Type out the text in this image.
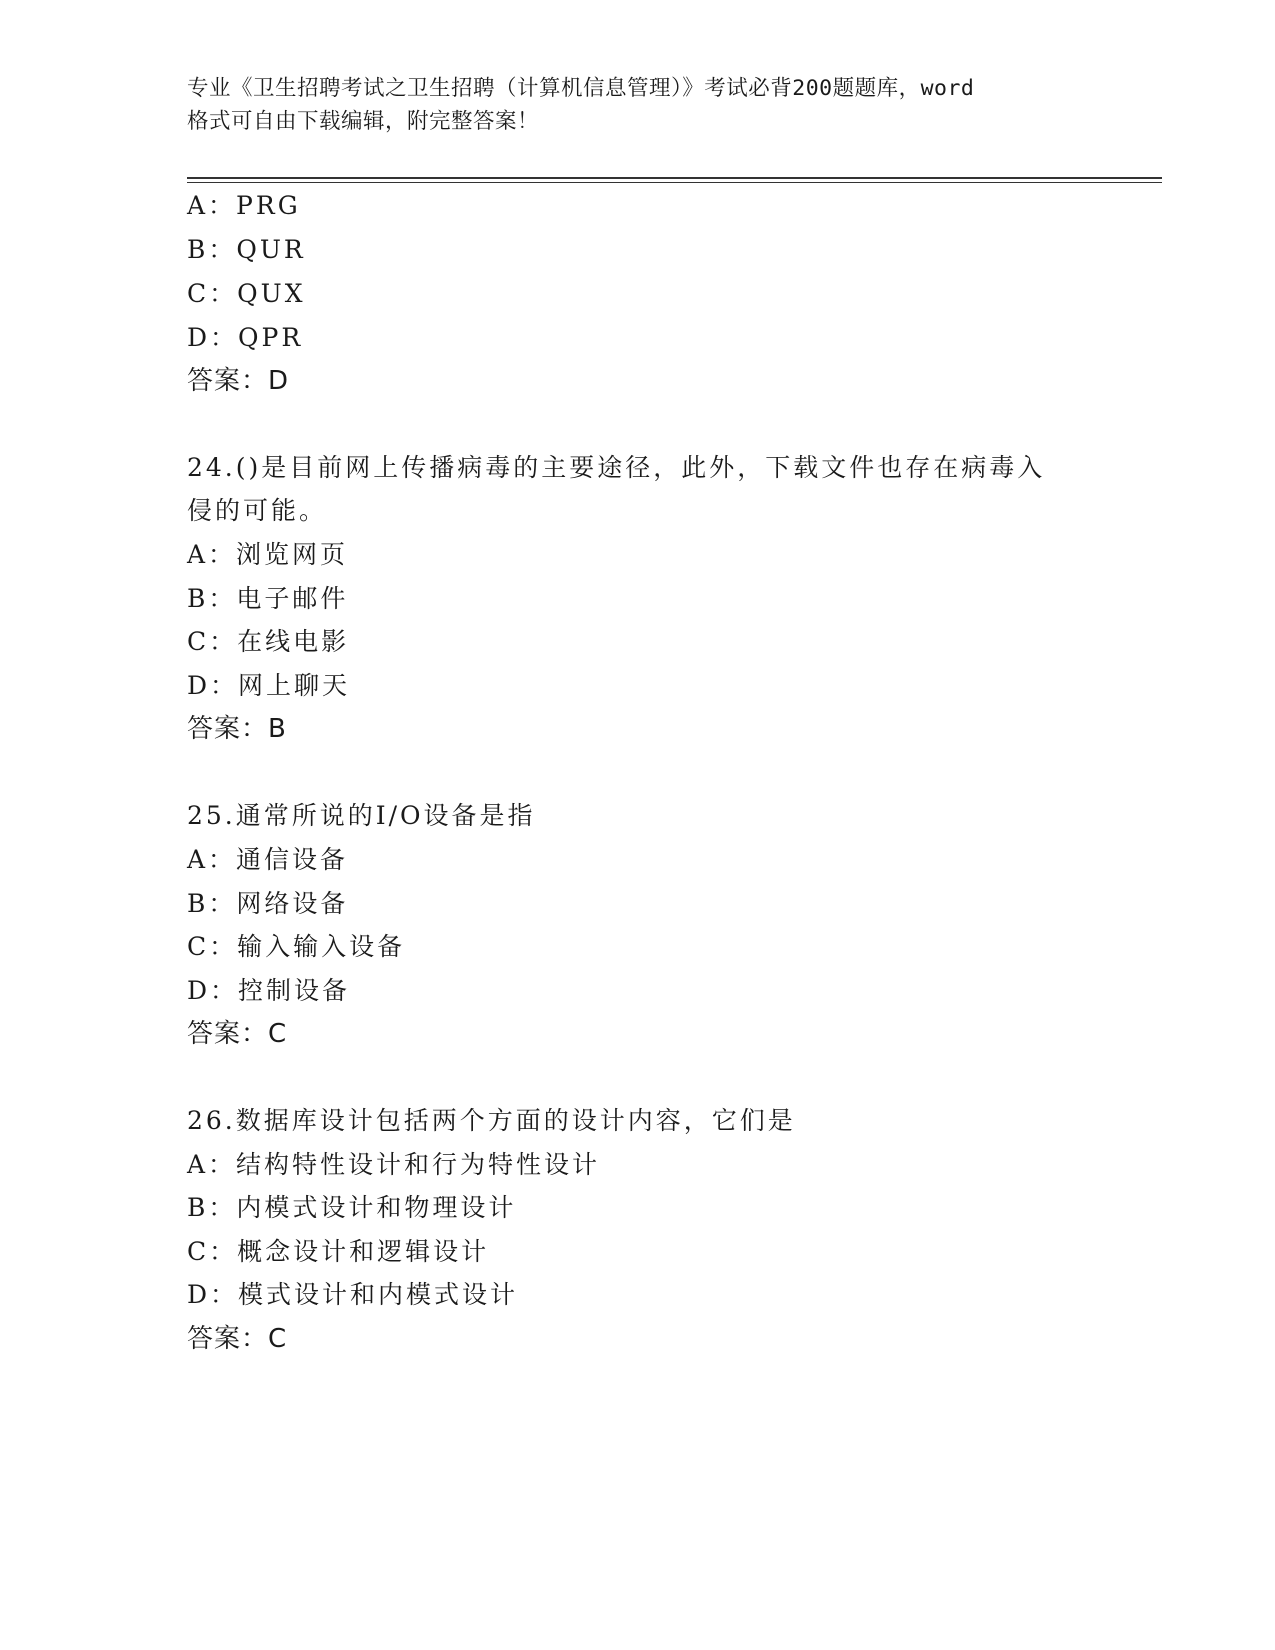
专业《卫生招聘考试之卫生招聘（计算机信息管理）》考试必背200题题库，word
格式可自由下载编辑，附完整答案！
A：PRG
B：QUR
C：QUX
D：QPR
答案：D
24.()是目前网上传播病毒的主要途径，此外，下载文件也存在病毒入
侵的可能。
A：浏览网页
B：电子邮件
C：在线电影
D：网上聊天
答案：B
25.通常所说的I/O设备是指
A：通信设备
B：网络设备
C：输入输入设备
D：控制设备
答案：C
26.数据库设计包括两个方面的设计内容，它们是
A：结构特性设计和行为特性设计
B：内模式设计和物理设计
C：概念设计和逻辑设计
D：模式设计和内模式设计
答案：C
